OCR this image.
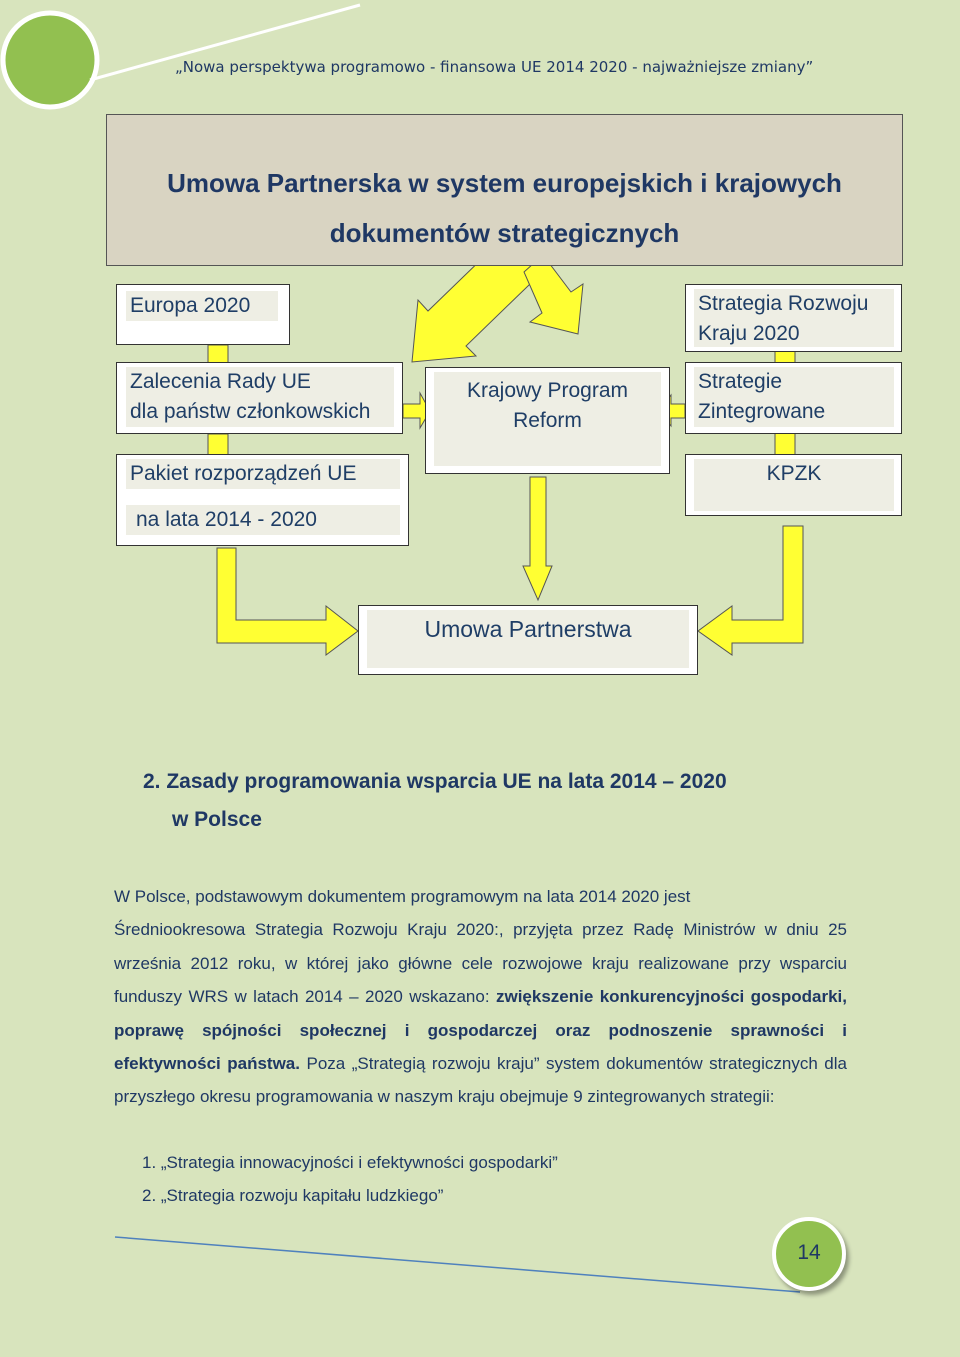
„Nowa perspektywa programowo - finansowa UE 2014 2020 - najważniejsze zmiany”
Umowa Partnerska w system europejskich i krajowych
dokumentów strategicznych
Europa 2020
Zalecenia Rady UE
dla państw członkowskich
Pakiet rozporządzeń UE
na lata 2014 - 2020
Krajowy Program
Reform
Strategia Rozwoju
Kraju 2020
Strategie
Zintegrowane
KPZK
Umowa Partnerstwa
2. Zasady programowania wsparcia UE na lata 2014 – 2020
w Polsce
W Polsce, podstawowym dokumentem programowym na lata 2014 2020 jest
Średniookresowa Strategia Rozwoju Kraju 2020:, przyjęta przez Radę Ministrów w dniu 25 września 2012 roku, w której jako główne cele rozwojowe kraju realizowane przy wsparciu funduszy WRS w latach 2014 – 2020 wskazano: zwiększenie konkurencyjności gospodarki, poprawę spójności społecznej i gospodarczej oraz podnoszenie sprawności i efektywności państwa. Poza „Strategią rozwoju kraju” system dokumentów strategicznych dla przyszłego okresu programowania w naszym kraju obejmuje 9 zintegrowanych strategii:
1. „Strategia innowacyjności i efektywności gospodarki”
2. „Strategia rozwoju kapitału ludzkiego”
14
